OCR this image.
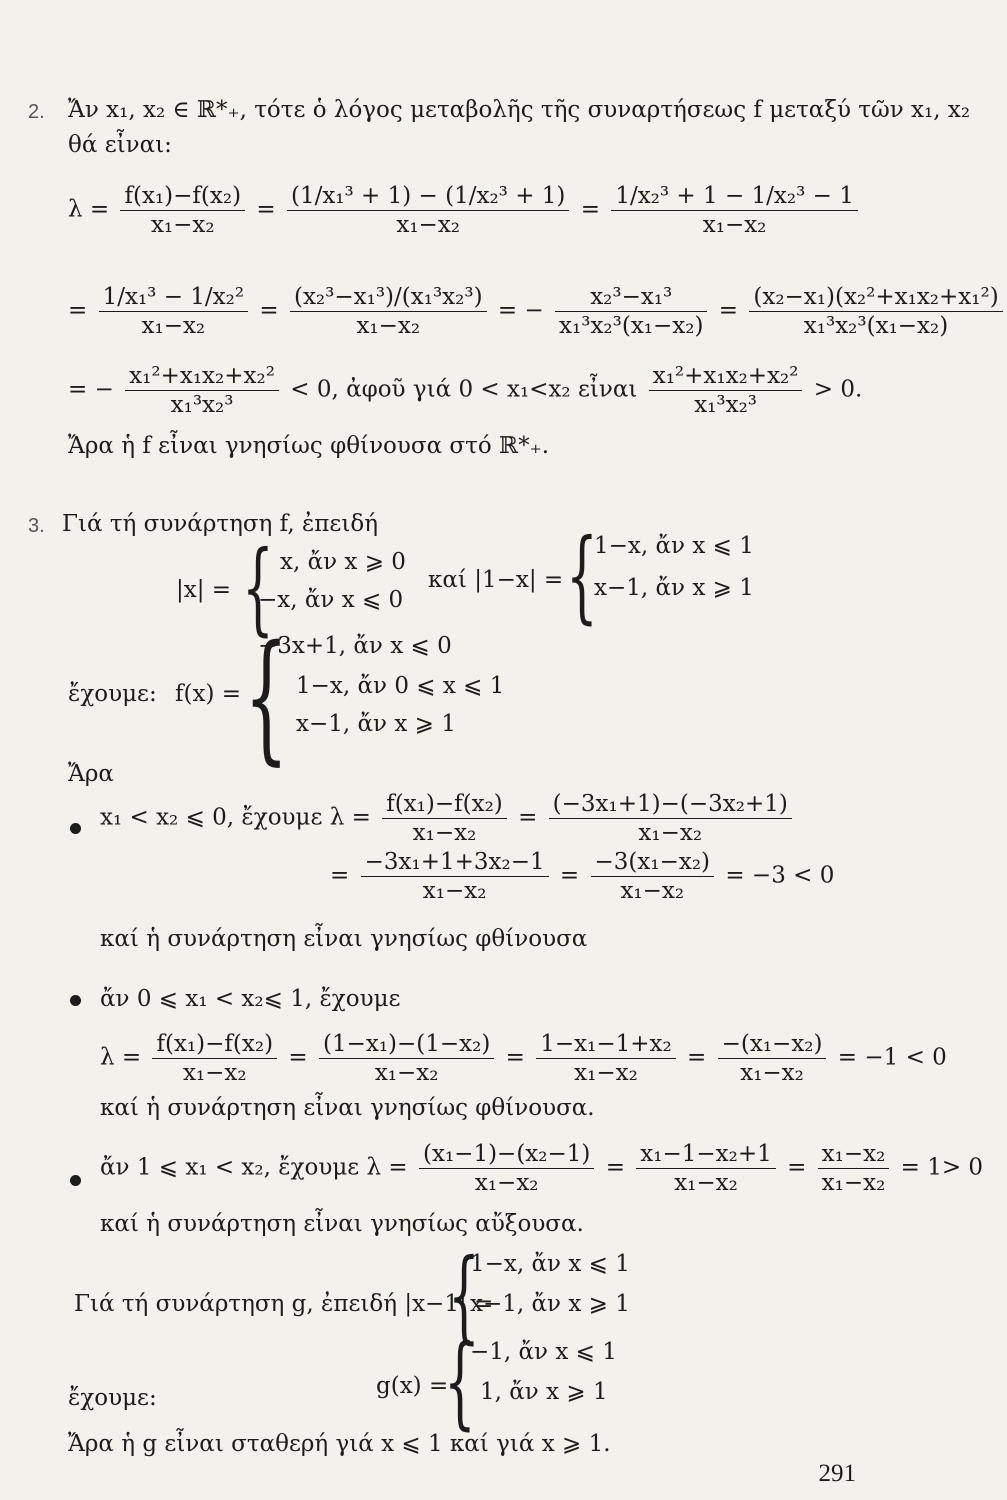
2. Ἄν x₁, x₂ ∈ ℝ*₊, τότε ὁ λόγος μεταβολῆς τῆς συναρτήσεως f μεταξύ τῶν x₁, x₂
θά εἶναι:
$\lambda = \frac{\text{f(x₁)−f(x₂)}}{\text{x₁−x₂}} = \frac{\text{(1/x₁³ + 1) − (1/x₂³ + 1)}}{\text{x₁−x₂}} = \frac{\text{1/x₂³ + 1 − 1/x₂³ − 1}}{\text{x₁−x₂}}$
= $\frac{\text{1/x₁³ − 1/x₂²}}{\text{x₁−x₂}} = \frac{\text{(x₂³−x₁³)/(x₁³x₂³)}}{\text{x₁−x₂}}$ = − $\frac{\text{x₂³−x₁³}}{\text{x₁³x₂³(x₁−x₂)}} = \frac{\text{(x₂−x₁)(x₂²+x₁x₂+x₁²)}}{\text{x₁³x₂³(x₁−x₂)}}$
= − $\frac{\text{x₁²+x₁x₂+x₂²}}{\text{x₁³x₂³}} < 0$, ἀφοῦ γιά 0 < x₁<x₂ εἶναι $\frac{\text{x₁²+x₁x₂+x₂²}}{\text{x₁³x₂³}} > 0$.
Ἄρα ἡ f εἶναι γνησίως φθίνουσα στό ℝ*₊.
3. Γιά τή συνάρτηση f, ἐπειδή
|x| = { x, ἄν x ⩾ 0
−x, ἄν x ⩽ 0
καί |1−x| = {
1−x, ἄν x ⩽ 1
x−1, ἄν x ⩾ 1
ἔχουμε: f(x) = {
−3x+1, ἄν x ⩽ 0
1−x, ἄν 0 ⩽ x ⩽ 1
x−1, ἄν x ⩾ 1
Ἄρα
x₁ < x₂ ⩽ 0, ἔχουμε $\lambda = \frac{\text{f(x₁)−f(x₂)}}{\text{x₁−x₂}} = \frac{\text{(−3x₁+1)−(−3x₂+1)}}{\text{x₁−x₂}}$
= $\frac{\text{−3x₁+1+3x₂−1}}{\text{x₁−x₂}} = \frac{\text{−3(x₁−x₂)}}{\text{x₁−x₂}} = -3 < 0$
καί ἡ συνάρτηση εἶναι γνησίως φθίνουσα
ἄν 0 ⩽ x₁ < x₂⩽ 1, ἔχουμε
$\lambda = \frac{\text{f(x₁)−f(x₂)}}{\text{x₁−x₂}} = \frac{\text{(1−x₁)−(1−x₂)}}{\text{x₁−x₂}} = \frac{\text{1−x₁−1+x₂}}{\text{x₁−x₂}} = \frac{\text{−(x₁−x₂)}}{\text{x₁−x₂}} = -1 < 0$
καί ἡ συνάρτηση εἶναι γνησίως φθίνουσα.
ἄν 1 ⩽ x₁ < x₂, ἔχουμε $\lambda = \frac{\text{(x₁−1)−(x₂−1)}}{\text{x₁−x₂}} = \frac{\text{x₁−1−x₂+1}}{\text{x₁−x₂}} = \frac{\text{x₁−x₂}}{\text{x₁−x₂}} = 1> 0$
καί ἡ συνάρτηση εἶναι γνησίως αὔξουσα.
Γιά τή συνάρτηση g, ἐπειδή |x−1| =
{
1−x, ἄν x ⩽ 1
x−1, ἄν x ⩾ 1
ἔχουμε:	g(x) =
{
−1, ἄν x ⩽ 1
1, ἄν x ⩾ 1
Ἄρα ἡ g εἶναι σταθερή γιά x ⩽ 1 καί γιά x ⩾ 1.
291
